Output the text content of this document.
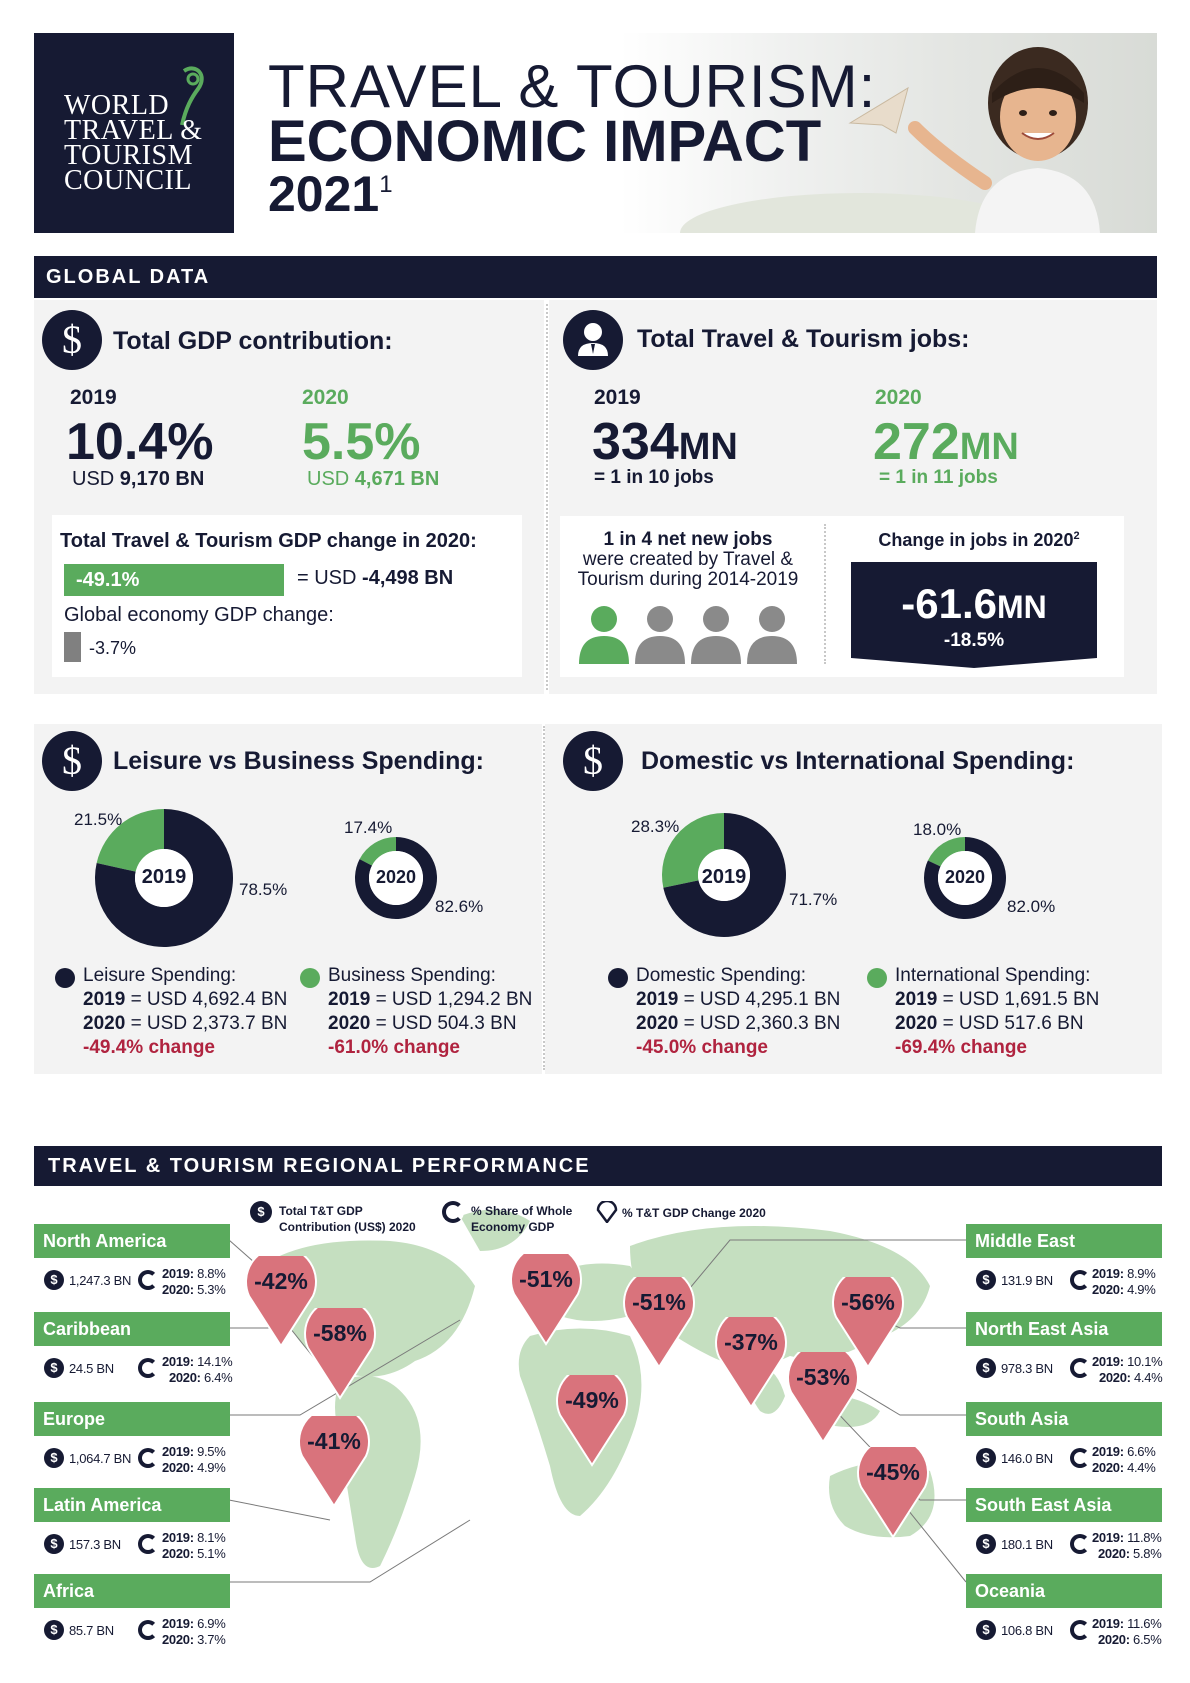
WORLD
TRAVEL &
TOURISM
COUNCIL
TRAVEL & TOURISM:
ECONOMIC IMPACT
2021$^1$
GLOBAL DATA
$	Total GDP contribution:
2019
10.4%
USD 9,170 BN
2020
5.5%
USD 4,671 BN
Total Travel & Tourism GDP change in 2020:
-49.1%	= USD -4,498 BN
Global economy GDP change:
-3.7%
Total Travel & Tourism jobs:
2019
334MN
= 1 in 10 jobs
2020
272MN
= 1 in 11 jobs
1 in 4 net new jobs
were created by Travel &
Tourism during 2014-2019
Change in jobs in 2020$^2$
-61.6MN
-18.5%
$	Leisure vs Business Spending:	$	Domestic vs International Spending:
2019
21.5%
78.5%
2020
17.4%
82.6%
2019
28.3%
71.7%
2020
18.0%
82.0%
Leisure Spending:
2019 = USD 4,692.4 BN
2020 = USD 2,373.7 BN
-49.4% change
Business Spending:
2019 = USD 1,294.2 BN
2020 = USD 504.3 BN
-61.0% change
Domestic Spending:
2019 = USD 4,295.1 BN
2020 = USD 2,360.3 BN
-45.0% change
International Spending:
2019 = USD 1,691.5 BN
2020 = USD 517.6 BN
-69.4% change
TRAVEL & TOURISM REGIONAL PERFORMANCE
-42%
-58%
-41%
-51%
-49%
-51%
-37%
-53%
-56%
-45%
$	Total T&T GDP
Contribution (US$) 2020
% Share of Whole
Economy GDP
% T&T GDP Change 2020
North America
$ 1,247.3 BN 2019: 8.8%
2020: 5.3%
Caribbean
$ 24.5 BN	2019: 14.1%
2020: 6.4%
Europe
$ 1,064.7 BN 2019: 9.5%
2020: 4.9%
Latin America
$ 157.3 BN	2019: 8.1%
2020: 5.1%
Africa
$ 85.7 BN	2019: 6.9%
2020: 3.7%
Middle East
$ 131.9 BN	2019: 8.9%
2020: 4.9%
North East Asia
$ 978.3 BN	2019: 10.1%
2020: 4.4%
South Asia
$ 146.0 BN	2019: 6.6%
2020: 4.4%
South East Asia
$ 180.1 BN	2019: 11.8%
2020: 5.8%
Oceania
$ 106.8 BN	2019: 11.6%
2020: 6.5%
